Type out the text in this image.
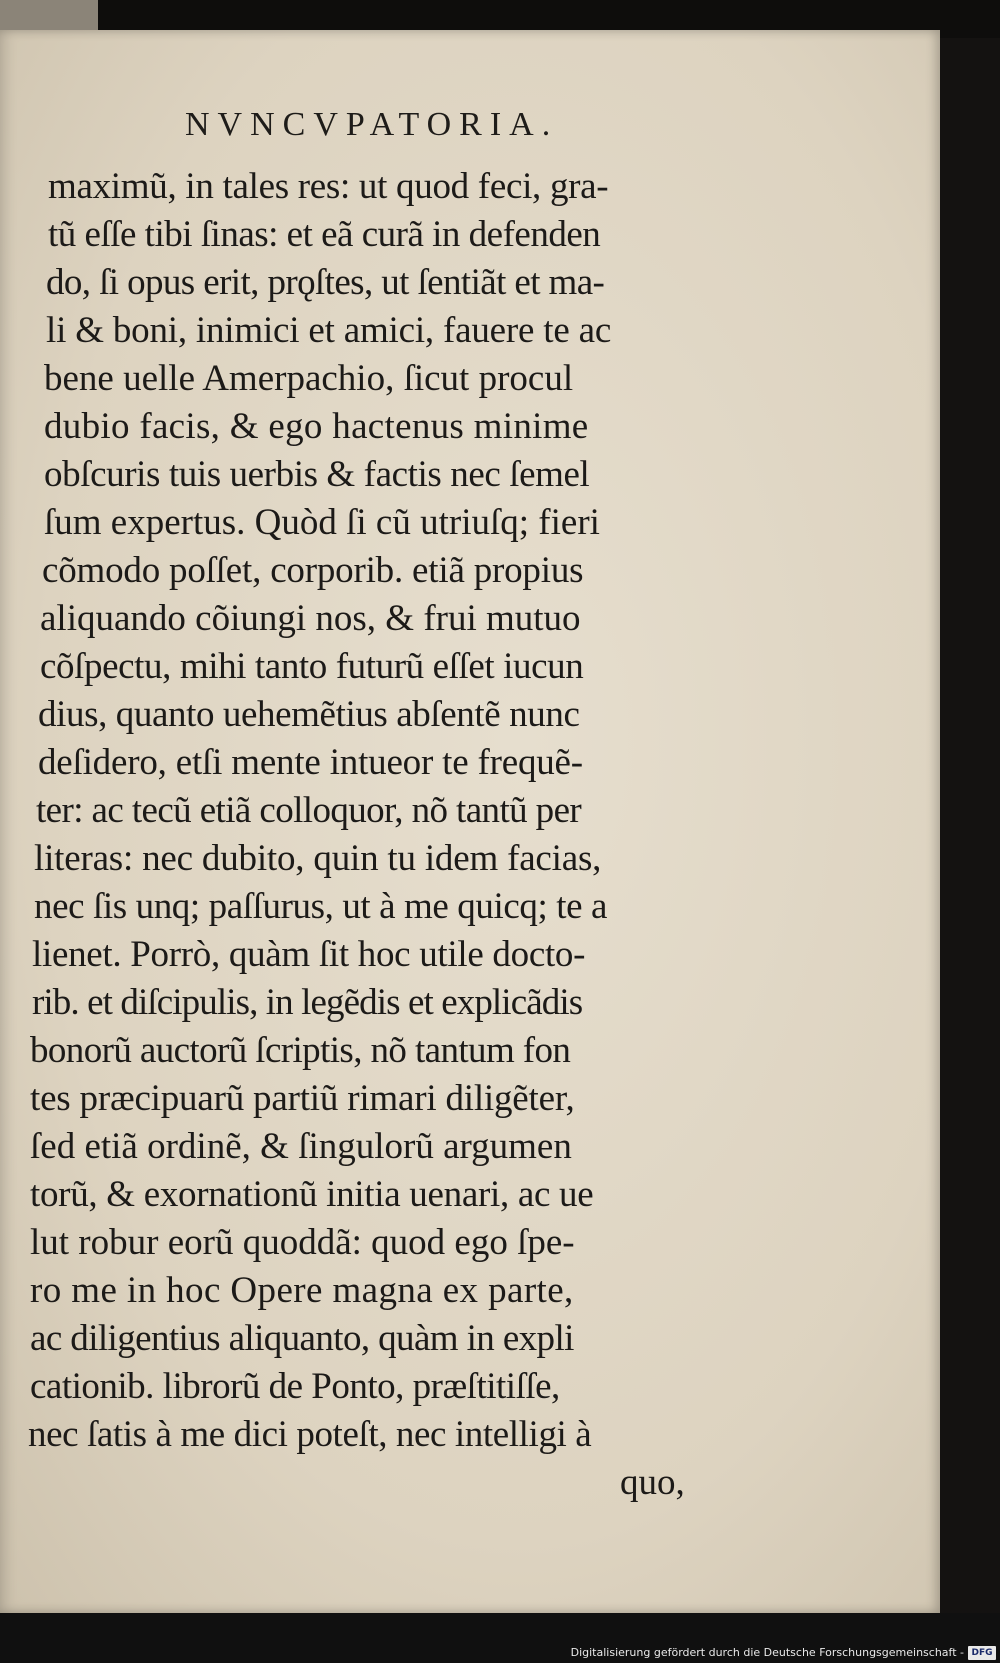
NVNCVPATORIA.
maximũ, in tales res: ut quod feci, gra-
tũ eſſe tibi ſinas: et eã curã in defenden
do, ſi opus erit, prǫſtes, ut ſentiãt et ma-
li & boni, inimici et amici, fauere te ac
bene uelle Amerpachio, ſicut procul
dubio facis, & ego hactenus minime
obſcuris tuis uerbis & factis nec ſemel
ſum expertus. Quòd ſi cũ utriuſq; fieri
cõmodo poſſet, corporib. etiã propius
aliquando cõiungi nos, & frui mutuo
cõſpectu, mihi tanto futurũ eſſet iucun
dius, quanto uehemẽtius abſentẽ nunc
deſidero, etſi mente intueor te frequẽ-
ter: ac tecũ etiã colloquor, nõ tantũ per
literas: nec dubito, quin tu idem facias,
nec ſis unq; paſſurus, ut à me quicq; te a
lienet. Porrò, quàm ſit hoc utile docto-
rib. et diſcipulis, in legẽdis et explicãdis
bonorũ auctorũ ſcriptis, nõ tantum fon
tes præcipuarũ partiũ rimari diligẽter,
ſed etiã ordinẽ, & ſingulorũ argumen
torũ, & exornationũ initia uenari, ac ue
lut robur eorũ quoddã: quod ego ſpe-
ro me in hoc Opere magna ex parte,
ac diligentius aliquanto, quàm in expli
cationib. librorũ de Ponto, præſtitiſſe,
nec ſatis à me dici poteſt, nec intelligi à
quo,
Digitalisierung gefördert durch die Deutsche Forschungsgemeinschaft - DFG
